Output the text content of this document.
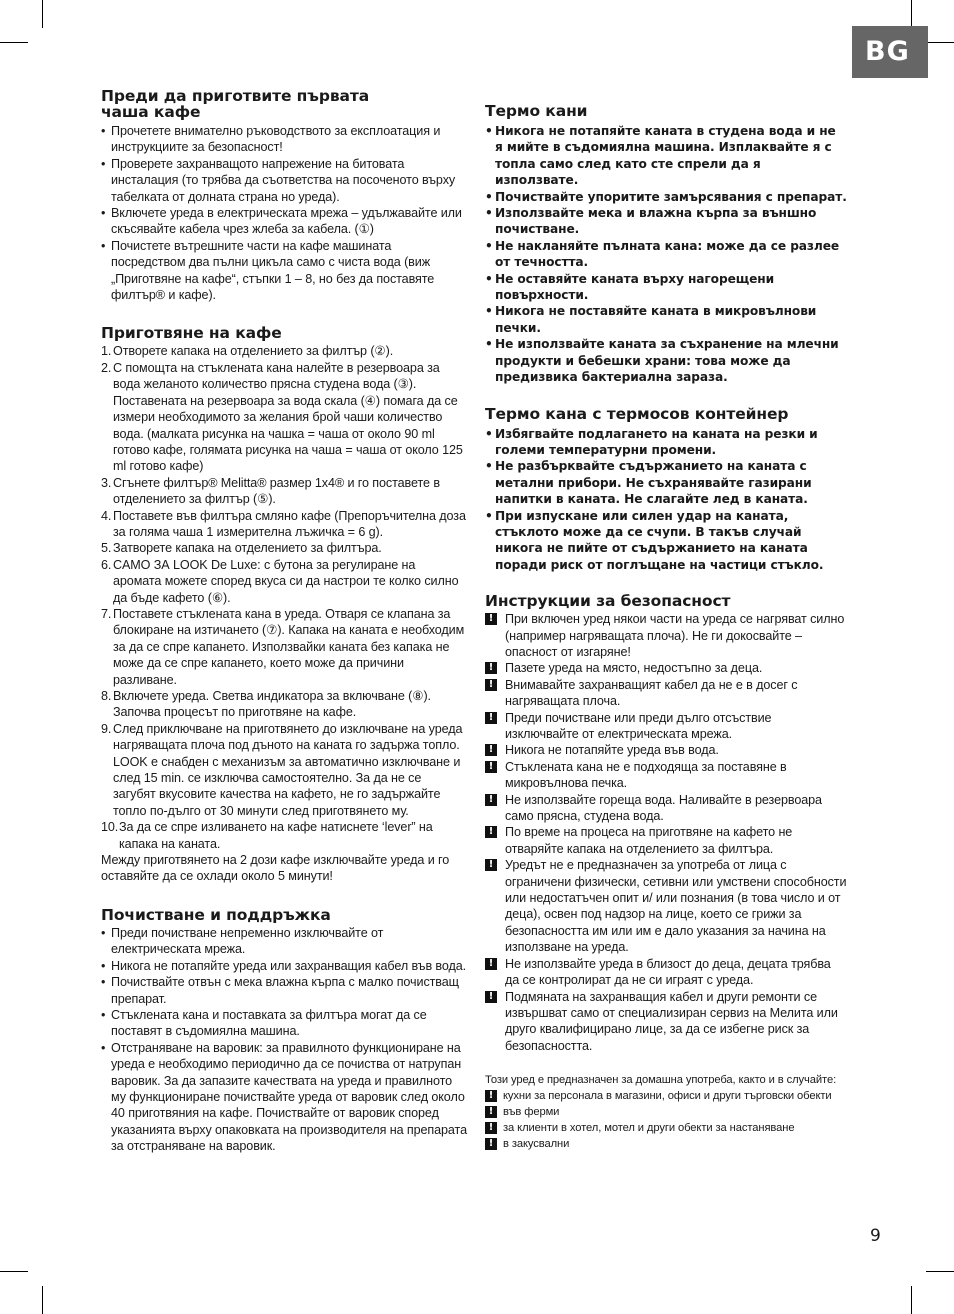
BG
Преди да приготвите първата чаша кафе

• Прочетете внимателно ръководството за експлоатация и инструкциите за безопасност!

• Проверете захранващото напрежение на битовата инсталация (то трябва да съответства на посоченото върху табелката от долната страна но уреда).

• Включете уреда в електрическата мрежа – удължавайте или скъсявайте кабела чрез жлеба за кабела. (①)

• Почистете вътрешните части на кафе машината посредством два пълни цикъла само с чиста вода (виж „Приготвяне на кафе“, стъпки 1 – 8, но без да поставяте филтър® и кафе).

Приготвяне на кафе

1. Отворете капака на отделението за филтър (②).

2. С помощта на стъклената кана налейте в резервоара за вода желаното количество прясна студена вода (③). Поставената на резервоара за вода скала (④) помага да се измери необходимото за желания брой чаши количество вода. (малката рисунка на чашка = чаша от около 90 ml готово кафе, голямата рисунка на чаша = чаша от около 125 ml готово кафе)

3. Сгънете филтър® Melitta® размер 1x4® и го поставете в отделението за филтър (⑤).

4. Поставете във филтъра смляно кафе (Препоръчителна доза за голяма чаша 1 измерителна лъжичка = 6 g).

5. Затворете капака на отделението за филтъра.

6. CAMO ЗА LOOK De Luxe: с бутона за регулиране на аромата можете според вкуса си да настрои те колко силно да бъде кафето (⑥).

7. Поставете стъклената кана в уреда. Отваря се клапана за блокиране на изтичането (⑦). Капака на каната е необходим за да се спре капането. Използвайки каната без капака не може да се спре капането, което може да причини разливане.

8. Включете уреда. Светва индикатора за включване (⑧). Започва процесът по приготвяне на кафе.

9. След приключване на приготвянето до изключване на уреда нагряващата плоча под дъното на каната го задържа топло. LOOK е снабден с механизъм за автоматично изключване и след 15 min. се изключва самостоятелно. За да не се загубят вкусовите качества на кафето, не го задържайте топло по-дълго от 30 минути след приготвянето му.

10. За да се спре изливането на кафе натиснете ‘lever” на капака на каната.

Между приготвянето на 2 дози кафе изключвайте уреда и го оставяйте да се охлади около 5 минути!

Почистване и поддръжка

• Преди почистване непременно изключвайте от електрическата мрежа.

• Никога не потапяйте уреда или захранващия кабел във вода.

• Почиствайте отвън с мека влажна кърпа с малко почистващ препарат.

• Стъклената кана и поставката за филтъра могат да се поставят в съдомиялна машина.

• Отстраняване на варовик: за правилното функциониране на уреда е необходимо периодично да се почиства от натрупан варовик. За да запазите качествата на уреда и правилното му функциониране почиствайте уреда от варовик след около 40 приготвяния на кафе. Почиствайте от варовик според указанията върху опаковката на производителя на препарата за отстраняване на варовик.

Термо кани

• Никога не потапяйте каната в студена вода и не я мийте в съдомиялна машина. Изплаквайте я с топла само след като сте спрели да я използвате.

• Почиствайте упоритите замърсявания с препарат.

• Използвайте мека и влажна кърпа за външно почистване.

• Не накланяйте пълната кана: може да се разлее от течността.

• Не оставяйте каната върху нагорещени повърхности.

• Никога не поставяйте каната в микровълнови печки.

• Не използвайте каната за съхранение на млечни продукти и бебешки храни: това може да предизвика бактериална зараза.

Термо кана с термосов контейнер

• Избягвайте подлагането на каната на резки и големи температурни промени.

• Не разбърквайте съдържанието на каната с метални прибори. Не съхранявайте газирани напитки в каната. Не слагайте лед в каната.

• При изпускане или силен удар на каната, стъклото може да се счупи. В такъв случай никога не пийте от съдържанието на каната поради риск от поглъщане на частици стъкло.

Инструкции за безопасност

! При включен уред някои части на уреда се нагряват силно (например нагряващата плоча). Не ги докосвайте – опасност от изгаряне!

! Пазете уреда на място, недостъпно за деца.

! Внимавайте захранващият кабел да не е в досег с нагряващата плоча.

! Преди почистване или преди дълго отсъствие изключвайте от електрическата мрежа.

! Никога не потапяйте уреда във вода.

! Стъклената кана не е подходяща за поставяне в микровълнова печка.

! Не използвайте гореща вода. Наливайте в резервоара само прясна, студена вода.

! По време на процеса на приготвяне на кафето не отваряйте капака на отделението за филтъра.

! Уредът не е предназначен за употреба от лица с ограничени физически, сетивни или умствени способности или недостатъчен опит и/ или познания (в това число и от деца), освен под надзор на лице, което се грижи за безопасността им или им е дало указания за начина на използване на уреда.

! Не използвайте уреда в близост до деца, децата трябва да се контролират да не си играят с уреда.

! Подмяната на захранващия кабел и други ремонти се извършват само от специализиран сервиз на Мелита или друго квалифицирано лице, за да се избегне риск за безопасността.

Този уред е предназначен за домашна употреба, както и в случайте:

! кухни за персонала в магазини, офиси и други търговски обекти

! във ферми

! за клиенти в хотел, мотел и други обекти за настаняване

! в закусвални

9
